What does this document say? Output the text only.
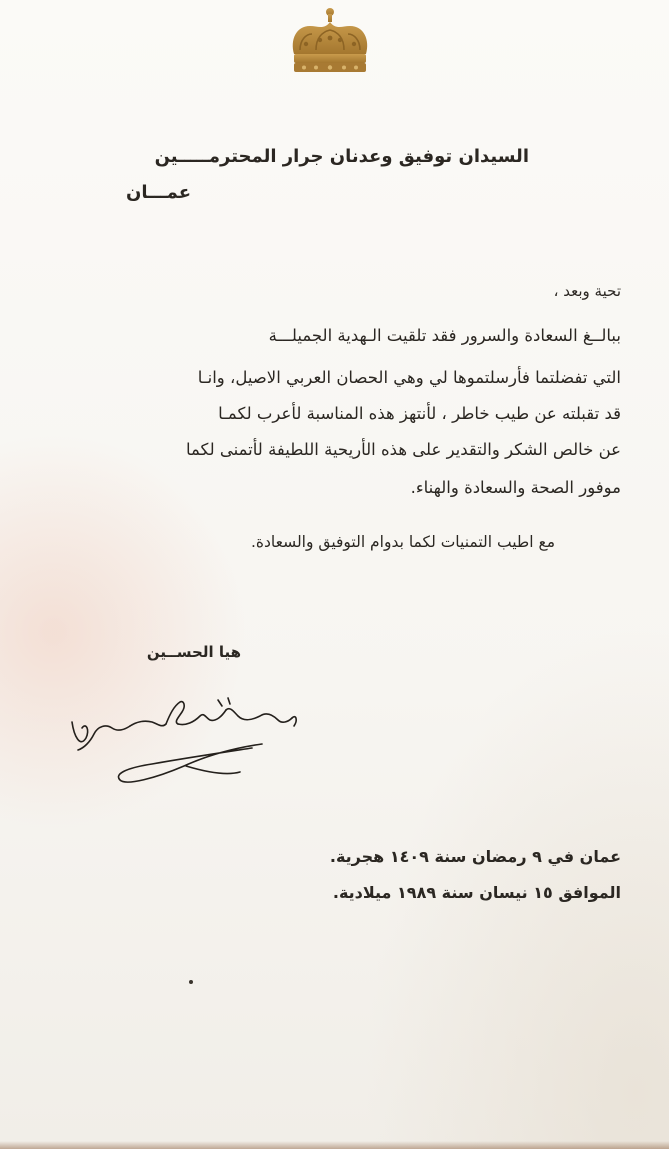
السيدان توفيق وعدنان جرار المحترمـــــين
عمـــان
تحية وبعد ،
ببالــغ السعادة والسرور فقد تلقيت الـهدية الجميلـــة
التي تفضلتما فأرسلتموها لي وهي الحصان العربي الاصيل، وانـا
قد تقبلته عن طيب خاطر ، لأنتهز هذه المناسبة لأعرب لكمـا
عن خالص الشكر والتقدير على هذه الأريحية اللطيفة لأتمنى لكما
موفور الصحة والسعادة والهناء.
مع اطيب التمنيات لكما بدوام التوفيق والسعادة.
هيا الحســين
عمان في ٩ رمضان سنة ١٤٠٩ هجرية.
الموافق ١٥ نيسان سنة ١٩٨٩ ميلادية.
